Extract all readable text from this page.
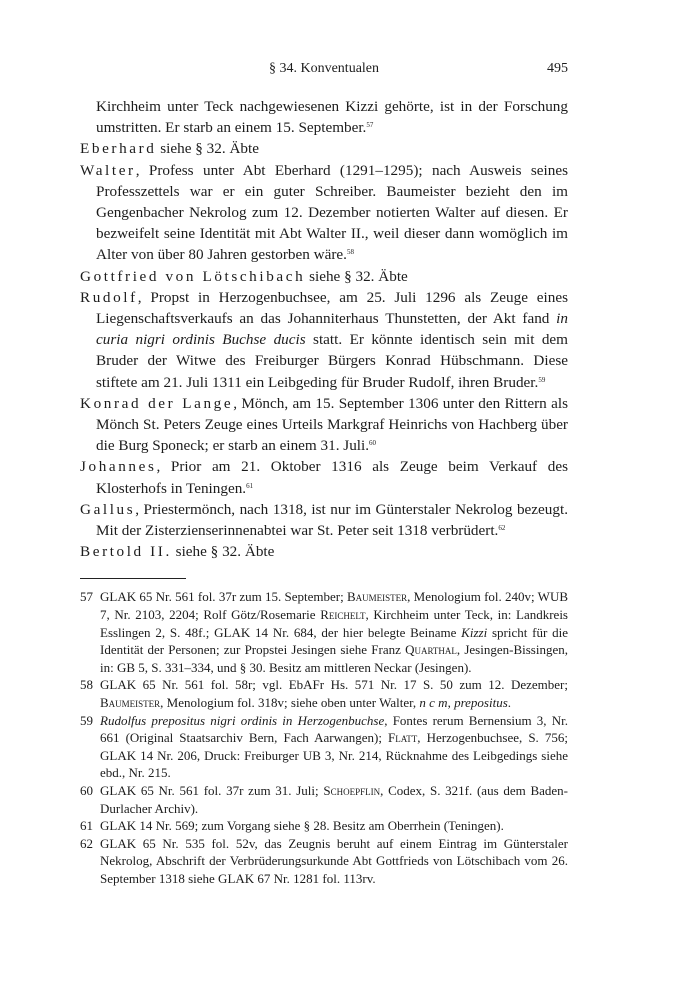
§ 34. Konventualen	495
Kirchheim unter Teck nachgewiesenen Kizzi gehörte, ist in der Forschung umstritten. Er starb an einem 15. September.$^{57}$
Eberhard siehe § 32. Äbte
Walter, Profess unter Abt Eberhard (1291–1295); nach Ausweis seines Professzettels war er ein guter Schreiber. Baumeister bezieht den im Gengenbacher Nekrolog zum 12. Dezember notierten Walter auf diesen. Er bezweifelt seine Identität mit Abt Walter II., weil dieser dann womöglich im Alter von über 80 Jahren gestorben wäre.$^{58}$
Gottfried von Lötschibach siehe § 32. Äbte
Rudolf, Propst in Herzogenbuchsee, am 25. Juli 1296 als Zeuge eines Liegenschaftsverkaufs an das Johanniterhaus Thunstetten, der Akt fand in curia nigri ordinis Buchse ducis statt. Er könnte identisch sein mit dem Bruder der Witwe des Freiburger Bürgers Konrad Hübschmann. Diese stiftete am 21. Juli 1311 ein Leibgeding für Bruder Rudolf, ihren Bruder.$^{59}$
Konrad der Lange, Mönch, am 15. September 1306 unter den Rittern als Mönch St. Peters Zeuge eines Urteils Markgraf Heinrichs von Hachberg über die Burg Sponeck; er starb an einem 31. Juli.$^{60}$
Johannes, Prior am 21. Oktober 1316 als Zeuge beim Verkauf des Klosterhofs in Teningen.$^{61}$
Gallus, Priestermönch, nach 1318, ist nur im Günterstaler Nekrolog bezeugt. Mit der Zisterzienserinnenabtei war St. Peter seit 1318 verbrüdert.$^{62}$
Bertold II. siehe § 32. Äbte
57 GLAK 65 Nr. 561 fol. 37r zum 15. September; Baumeister, Menologium fol. 240v; WUB 7, Nr. 2103, 2204; Rolf Götz/Rosemarie Reichelt, Kirchheim unter Teck, in: Landkreis Esslingen 2, S. 48f.; GLAK 14 Nr. 684, der hier belegte Beiname Kizzi spricht für die Identität der Personen; zur Propstei Jesingen siehe Franz Quarthal, Jesingen-Bissingen, in: GB 5, S. 331–334, und § 30. Besitz am mittleren Neckar (Jesingen).
58 GLAK 65 Nr. 561 fol. 58r; vgl. EbAFr Hs. 571 Nr. 17 S. 50 zum 12. Dezember; Baumeister, Menologium fol. 318v; siehe oben unter Walter, n c m, prepositus.
59 Rudolfus prepositus nigri ordinis in Herzogenbuchse, Fontes rerum Bernensium 3, Nr. 661 (Original Staatsarchiv Bern, Fach Aarwangen); Flatt, Herzogenbuchsee, S. 756; GLAK 14 Nr. 206, Druck: Freiburger UB 3, Nr. 214, Rücknahme des Leibgedings siehe ebd., Nr. 215.
60 GLAK 65 Nr. 561 fol. 37r zum 31. Juli; Schoepflin, Codex, S. 321f. (aus dem Baden-Durlacher Archiv).
61 GLAK 14 Nr. 569; zum Vorgang siehe § 28. Besitz am Oberrhein (Teningen).
62 GLAK 65 Nr. 535 fol. 52v, das Zeugnis beruht auf einem Eintrag im Günterstaler Nekrolog, Abschrift der Verbrüderungsurkunde Abt Gottfrieds von Lötschibach vom 26. September 1318 siehe GLAK 67 Nr. 1281 fol. 113rv.
